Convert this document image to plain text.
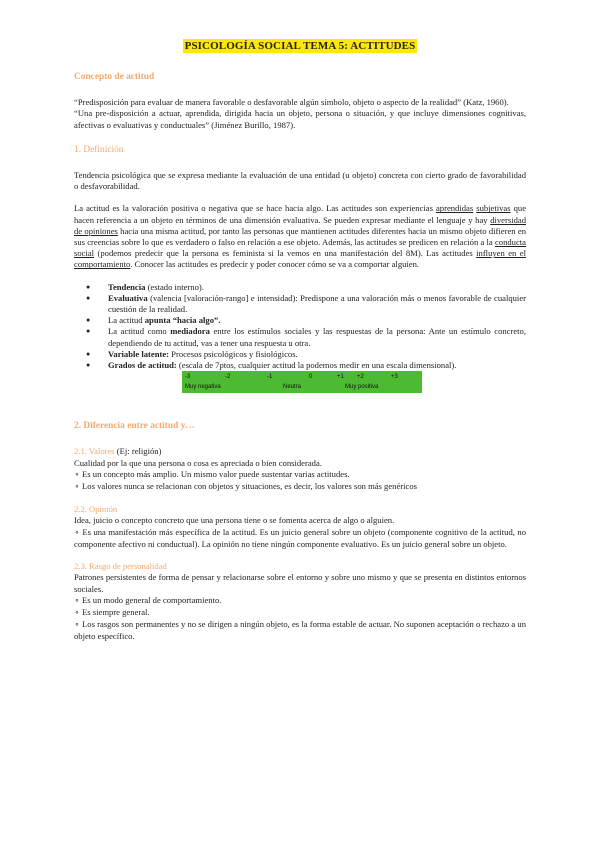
PSICOLOGÍA SOCIAL TEMA 5: ACTITUDES

Concepto de actitud

“Predisposición para evaluar de manera favorable o desfavorable algún símbolo, objeto o aspecto de la realidad” (Katz, 1960).

“Una pre-disposición a actuar, aprendida, dirigida hacia un objeto, persona o situación, y que incluye dimensiones cognitivas, afectivas o evaluativas y conductuales” (Jiménez Burillo, 1987).

1. Definición

Tendencia psicológica que se expresa mediante la evaluación de una entidad (u objeto) concreta con cierto grado de favorabilidad o desfavorabilidad.

La actitud es la valoración positiva o negativa que se hace hacia algo. Las actitudes son experiencias aprendidas subjetivas que hacen referencia a un objeto en términos de una dimensión evaluativa. Se pueden expresar mediante el lenguaje y hay diversidad de opiniones hacia una misma actitud, por tanto las personas que mantienen actitudes diferentes hacia un mismo objeto difieren en sus creencias sobre lo que es verdadero o falso en relación a ese objeto. Además, las actitudes se predicen en relación a la conducta social (podemos predecir que la persona es feminista si la vemos en una manifestación del 8M). Las actitudes influyen en el comportamiento. Conocer las actitudes es predecir y poder conocer cómo se va a comportar alguien.

● Tendencia (estado interno).
● Evaluativa (valencia [valoración-rango] e intensidad): Predispone a una valoración más o menos favorable de cualquier cuestión de la realidad.
● La actitud apunta “hacia algo”.
● La actitud como mediadora entre los estímulos sociales y las respuestas de la persona: Ante un estímulo concreto, dependiendo de tu actitud, vas a tener una respuesta u otra.
● Variable latente: Procesos psicológicos y fisiológicos.
● Grados de actitud: (escala de 7ptos, cualquier actitud la podemos medir en una escala dimensional).
-3	-2	-1	0	+1 +2	+3
Muy negativa	Neutra	Muy positiva

2. Diferencia entre actitud y…

2.1. Valores (Ej: religión)

Cualidad por la que una persona o cosa es apreciada o bien considerada.

⚬ Es un concepto más amplio. Un mismo valor puede sustentar varias actitudes.

⚬ Los valores nunca se relacionan con objetos y situaciones, es decir, los valores son más genéricos

2.2. Opinión

Idea, juicio o concepto concreto que una persona tiene o se fomenta acerca de algo o alguien.

⚬ Es una manifestación más específica de la actitud. Es un juicio general sobre un objeto (componente cognitivo de la actitud, no componente afectivo ni conductual). La opinión no tiene ningún componente evaluativo. Es un juicio general sobre un objeto.

2.3. Rasgo de personalidad

Patrones persistentes de forma de pensar y relacionarse sobre el entorno y sobre uno mismo y que se presenta en distintos entornos sociales.

⚬ Es un modo general de comportamiento.

⚬ Es siempre general.

⚬ Los rasgos son permanentes y no se dirigen a ningún objeto, es la forma estable de actuar. No suponen aceptación o rechazo a un objeto específico.
